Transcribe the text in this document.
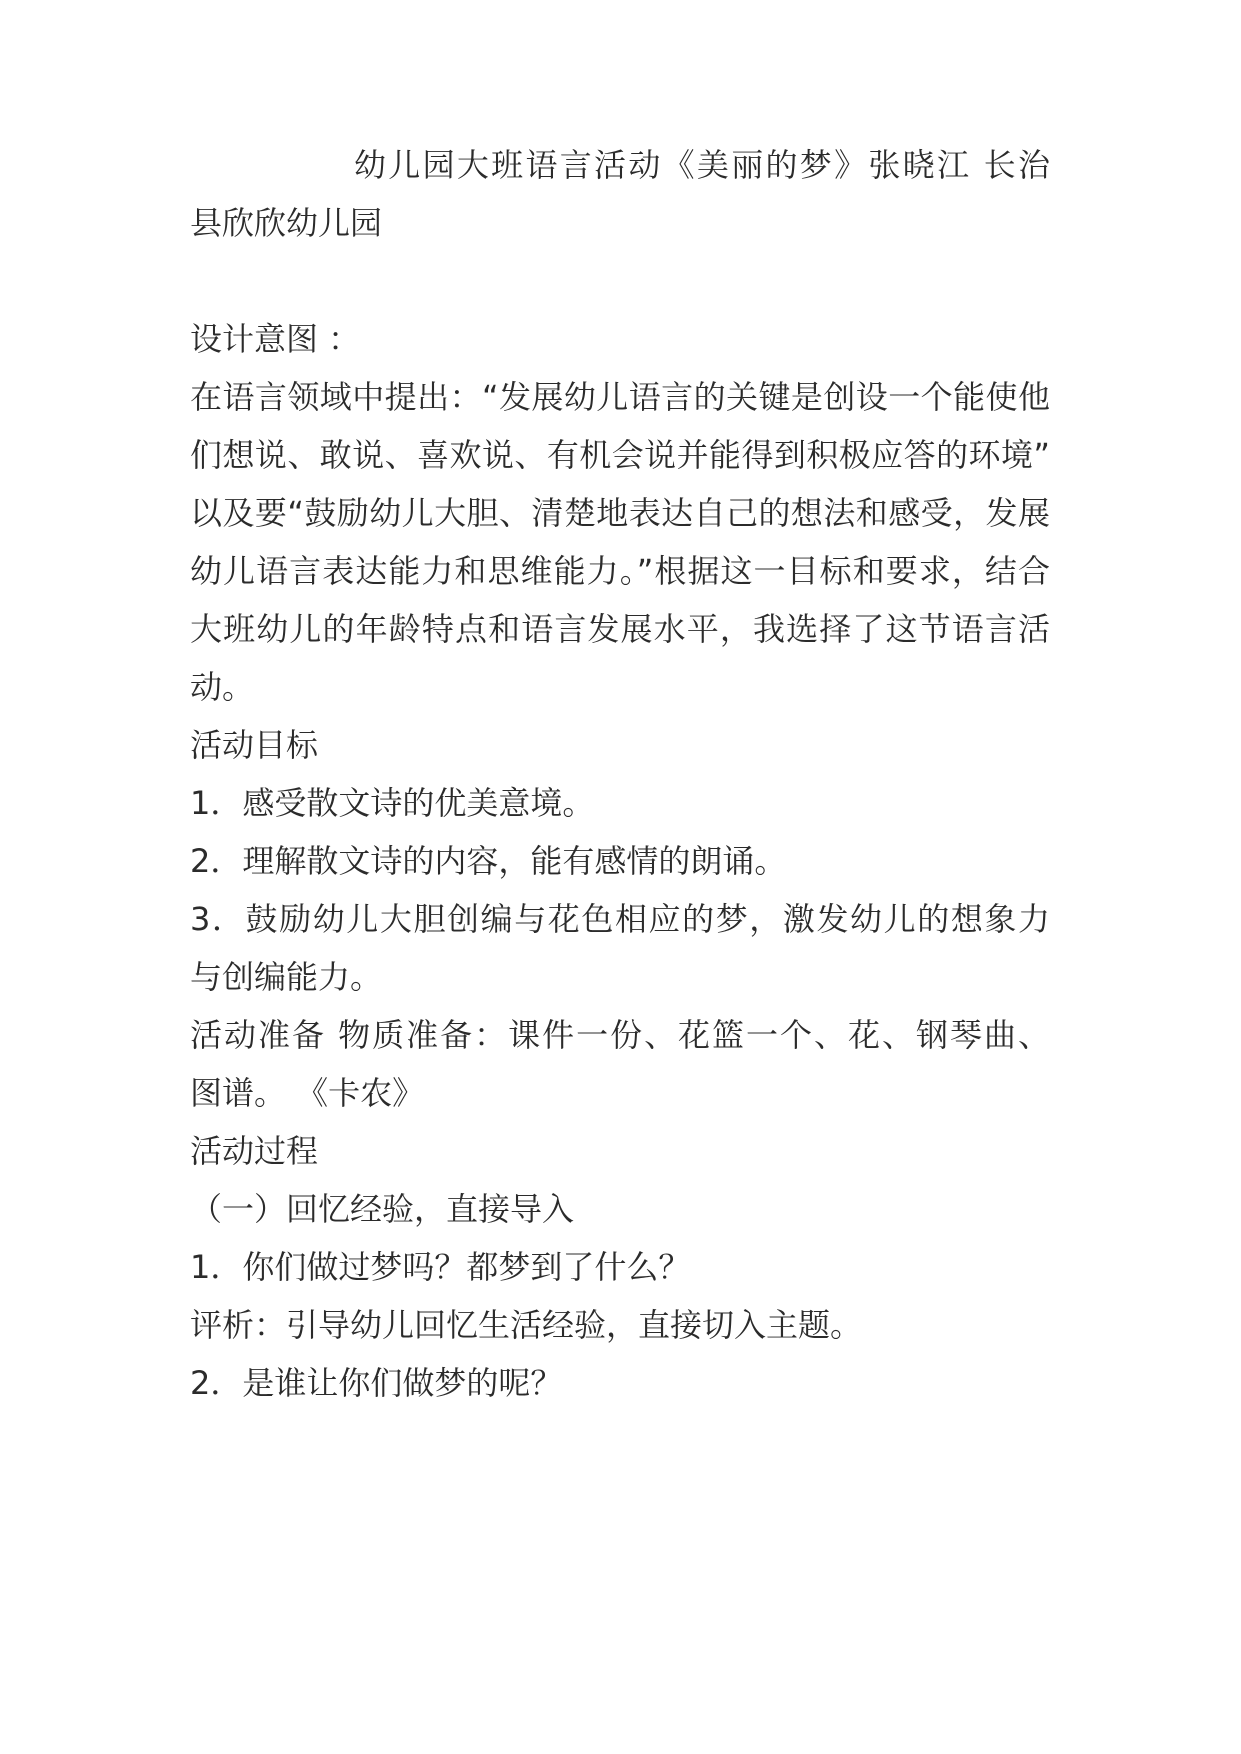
幼儿园大班语言活动《美丽的梦》张晓江 长治
县欣欣幼儿园
设计意图 ：
在语言领域中提出：“发展幼儿语言的关键是创设一个能使他
们想说、敢说、喜欢说、有机会说并能得到积极应答的环境”
以及要“鼓励幼儿大胆、清楚地表达自己的想法和感受，发展
幼儿语言表达能力和思维能力。”根据这一目标和要求，结合
大班幼儿的年龄特点和语言发展水平，我选择了这节语言活
动。
活动目标
1．感受散文诗的优美意境。
2．理解散文诗的内容，能有感情的朗诵。
3．鼓励幼儿大胆创编与花色相应的梦，激发幼儿的想象力
与创编能力。
活动准备 物质准备：课件一份、花篮一个、花、钢琴曲、
图谱。 《卡农》
活动过程
（一）回忆经验，直接导入
1．你们做过梦吗？都梦到了什么？
评析：引导幼儿回忆生活经验，直接切入主题。
2．是谁让你们做梦的呢？
